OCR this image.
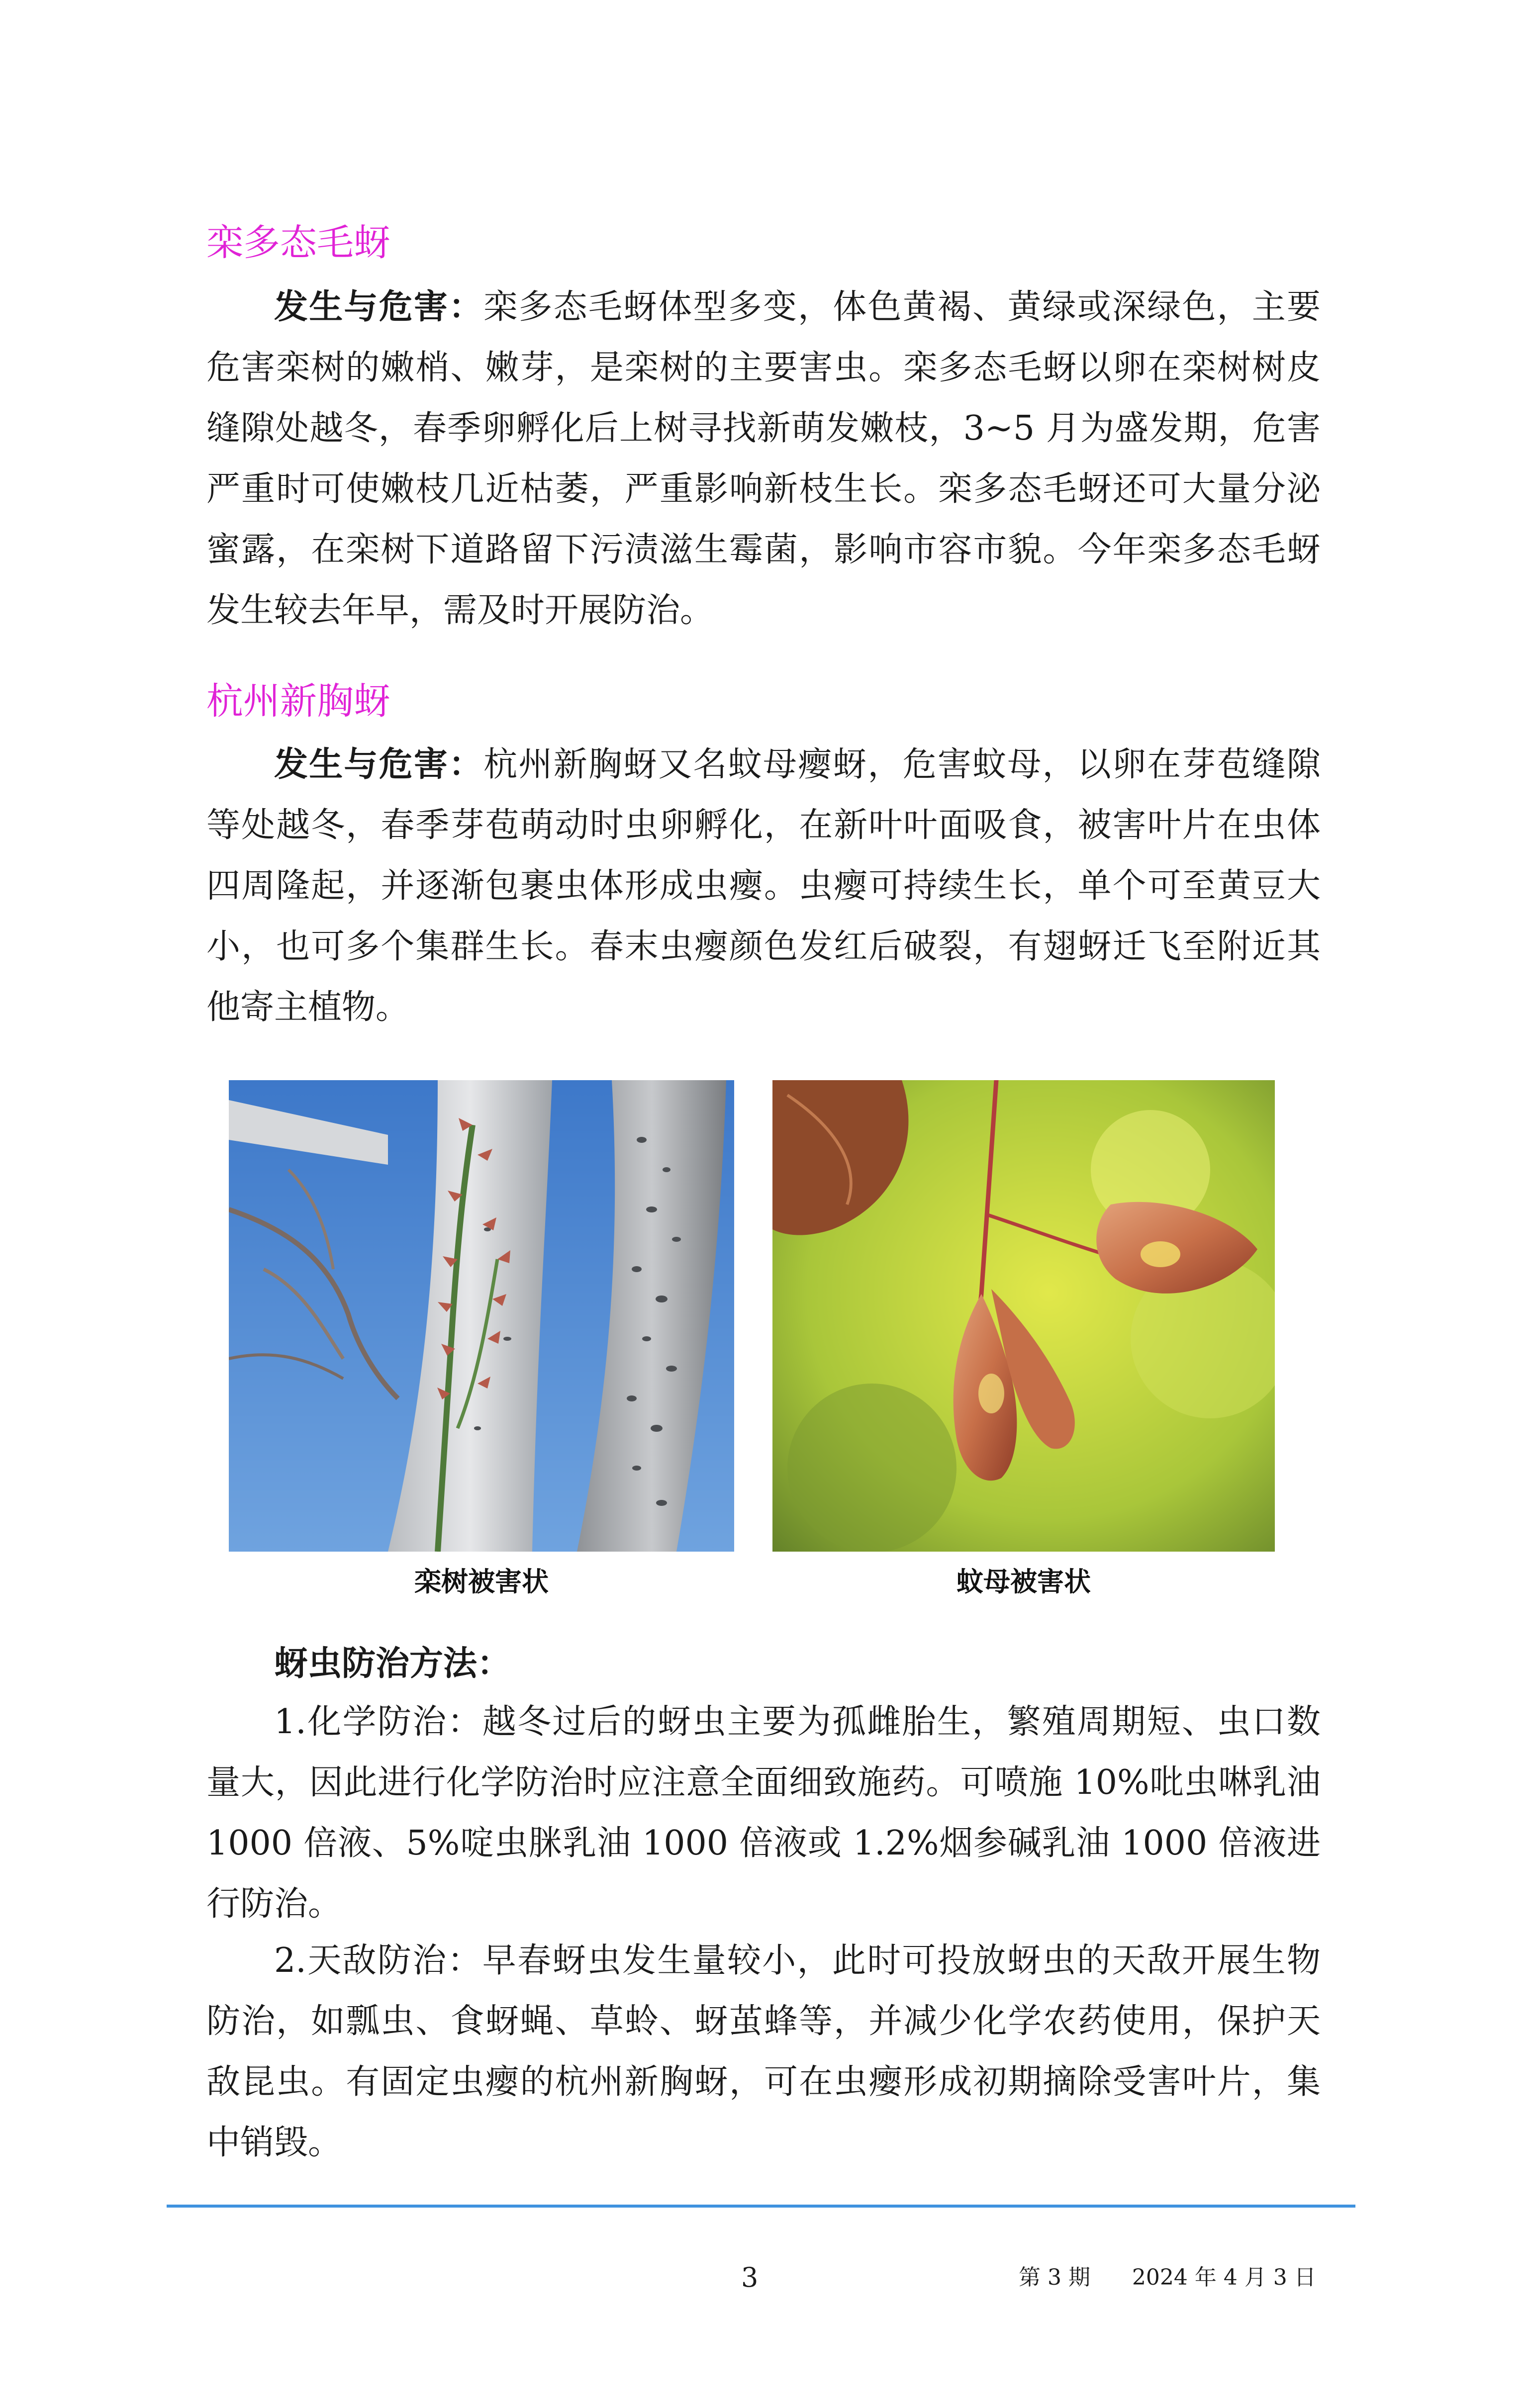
栾多态毛蚜

发生与危害：栾多态毛蚜体型多变，体色黄褐、黄绿或深绿色，主要危害栾树的嫩梢、嫩芽，是栾树的主要害虫。栾多态毛蚜以卵在栾树树皮缝隙处越冬，春季卵孵化后上树寻找新萌发嫩枝，3~5 月为盛发期，危害严重时可使嫩枝几近枯萎，严重影响新枝生长。栾多态毛蚜还可大量分泌蜜露，在栾树下道路留下污渍滋生霉菌，影响市容市貌。今年栾多态毛蚜发生较去年早，需及时开展防治。

杭州新胸蚜

发生与危害：杭州新胸蚜又名蚊母瘿蚜，危害蚊母，以卵在芽苞缝隙等处越冬，春季芽苞萌动时虫卵孵化，在新叶叶面吸食，被害叶片在虫体四周隆起，并逐渐包裹虫体形成虫瘿。虫瘿可持续生长，单个可至黄豆大小，也可多个集群生长。春末虫瘿颜色发红后破裂，有翅蚜迁飞至附近其他寄主植物。

栾树被害状	蚊母被害状
蚜虫防治方法：

1.化学防治：越冬过后的蚜虫主要为孤雌胎生，繁殖周期短、虫口数量大，因此进行化学防治时应注意全面细致施药。可喷施 10%吡虫啉乳油 1000 倍液、5%啶虫脒乳油 1000 倍液或 1.2%烟参碱乳油 1000 倍液进行防治。

2.天敌防治：早春蚜虫发生量较小，此时可投放蚜虫的天敌开展生物防治，如瓢虫、食蚜蝇、草蛉、蚜茧蜂等，并减少化学农药使用，保护天敌昆虫。有固定虫瘿的杭州新胸蚜，可在虫瘿形成初期摘除受害叶片，集中销毁。

3	第 3 期      2024 年 4 月 3 日
